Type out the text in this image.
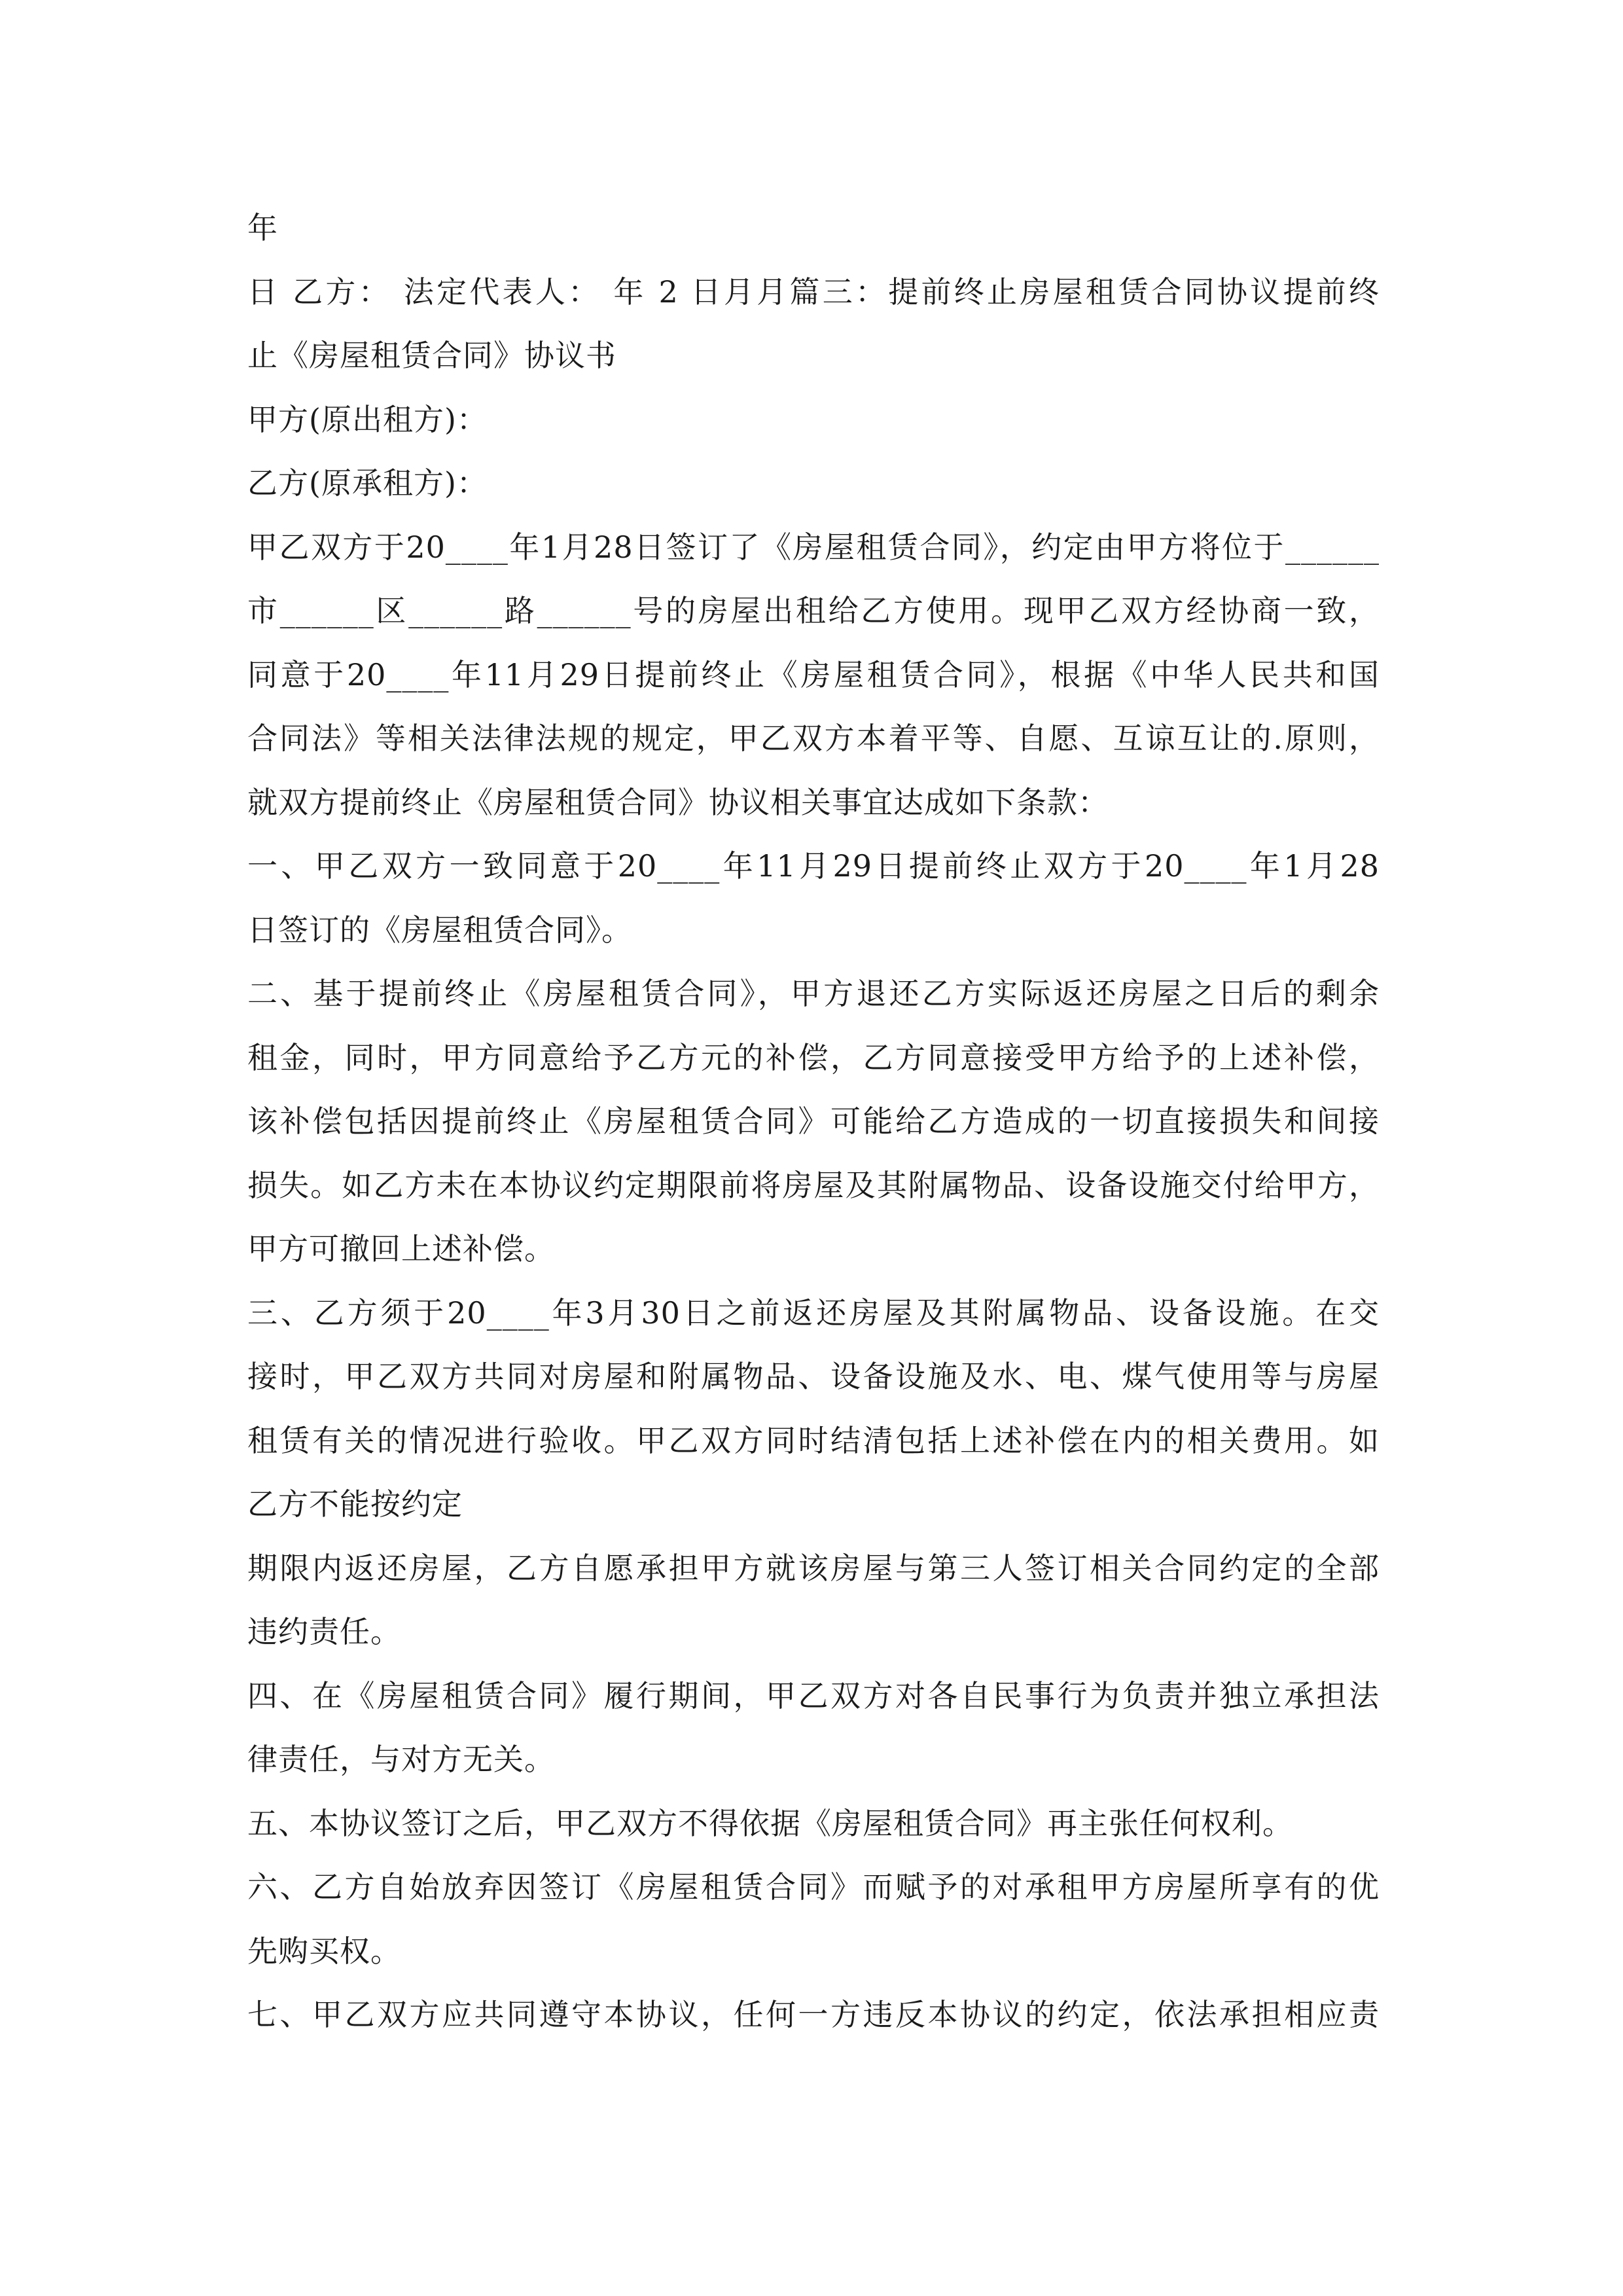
年
日 乙方： 法定代表人： 年 2 日月月篇三：提前终止房屋租赁合同协议提前终
止《房屋租赁合同》协议书
甲方(原出租方)：
乙方(原承租方)：
甲乙双方于20____年1月28日签订了《房屋租赁合同》，约定由甲方将位于______
市______区______路______号的房屋出租给乙方使用。现甲乙双方经协商一致，
同意于20____年11月29日提前终止《房屋租赁合同》，根据《中华人民共和国
合同法》等相关法律法规的规定，甲乙双方本着平等、自愿、互谅互让的.原则，
就双方提前终止《房屋租赁合同》协议相关事宜达成如下条款：
一、甲乙双方一致同意于20____年11月29日提前终止双方于20____年1月28
日签订的《房屋租赁合同》。
二、基于提前终止《房屋租赁合同》，甲方退还乙方实际返还房屋之日后的剩余
租金，同时，甲方同意给予乙方元的补偿，乙方同意接受甲方给予的上述补偿，
该补偿包括因提前终止《房屋租赁合同》可能给乙方造成的一切直接损失和间接
损失。如乙方未在本协议约定期限前将房屋及其附属物品、设备设施交付给甲方，
甲方可撤回上述补偿。
三、乙方须于20____年3月30日之前返还房屋及其附属物品、设备设施。在交
接时，甲乙双方共同对房屋和附属物品、设备设施及水、电、煤气使用等与房屋
租赁有关的情况进行验收。甲乙双方同时结清包括上述补偿在内的相关费用。如
乙方不能按约定
期限内返还房屋，乙方自愿承担甲方就该房屋与第三人签订相关合同约定的全部
违约责任。
四、在《房屋租赁合同》履行期间，甲乙双方对各自民事行为负责并独立承担法
律责任，与对方无关。
五、本协议签订之后，甲乙双方不得依据《房屋租赁合同》再主张任何权利。
六、乙方自始放弃因签订《房屋租赁合同》而赋予的对承租甲方房屋所享有的优
先购买权。
七、甲乙双方应共同遵守本协议，任何一方违反本协议的约定，依法承担相应责
